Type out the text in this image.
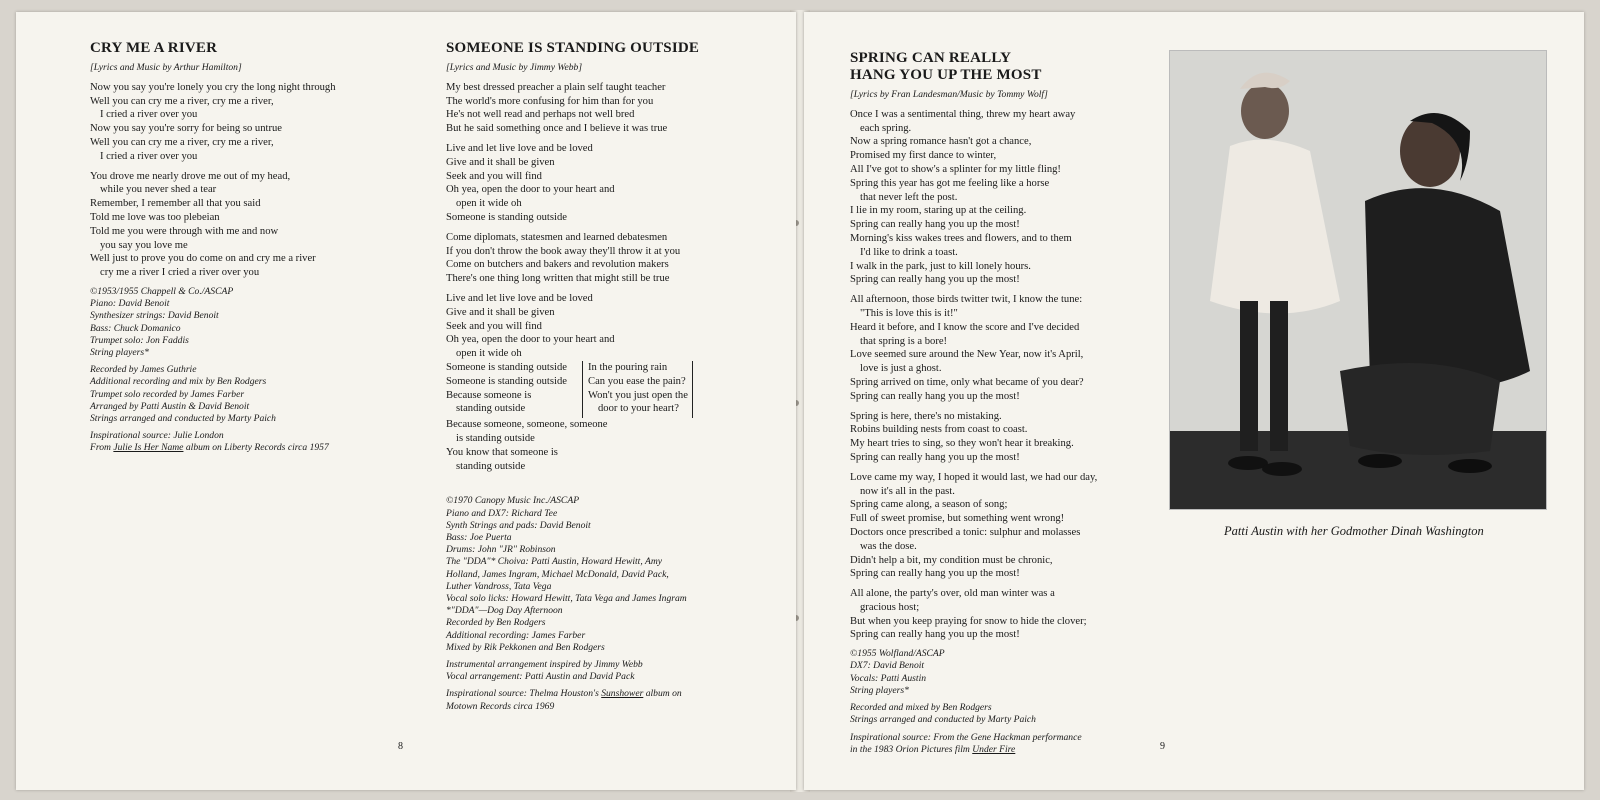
CRY ME A RIVER
[Lyrics and Music by Arthur Hamilton]
Now you say you're lonely you cry the long night through
Well you can cry me a river, cry me a river,
I cried a river over you
Now you say you're sorry for being so untrue
Well you can cry me a river, cry me a river,
I cried a river over you
You drove me nearly drove me out of my head,
while you never shed a tear
Remember, I remember all that you said
Told me love was too plebeian
Told me you were through with me and now
you say you love me
Well just to prove you do come on and cry me a river
cry me a river I cried a river over you
©1953/1955 Chappell & Co./ASCAP
Piano: David Benoit
Synthesizer strings: David Benoit
Bass: Chuck Domanico
Trumpet solo: Jon Faddis
String players*
Recorded by James Guthrie
Additional recording and mix by Ben Rodgers
Trumpet solo recorded by James Farber
Arranged by Patti Austin & David Benoit
Strings arranged and conducted by Marty Paich
Inspirational source: Julie London
From Julie Is Her Name album on Liberty Records circa 1957
SOMEONE IS STANDING OUTSIDE
[Lyrics and Music by Jimmy Webb]
My best dressed preacher a plain self taught teacher
The world's more confusing for him than for you
He's not well read and perhaps not well bred
But he said something once and I believe it was true
Live and let live love and be loved
Give and it shall be given
Seek and you will find
Oh yea, open the door to your heart and
open it wide oh
Someone is standing outside
Come diplomats, statesmen and learned debatesmen
If you don't throw the book away they'll throw it at you
Come on butchers and bakers and revolution makers
There's one thing long written that might still be true
Live and let live love and be loved
Give and it shall be given
Seek and you will find
Oh yea, open the door to your heart and
open it wide oh
Someone is standing outside
Someone is standing outside
Because someone is
standing outside
In the pouring rain
Can you ease the pain?
Won't you just open the
door to your heart?
Because someone, someone, someone
is standing outside
You know that someone is
standing outside
©1970 Canopy Music Inc./ASCAP
Piano and DX7: Richard Tee
Synth Strings and pads: David Benoit
Bass: Joe Puerta
Drums: John "JR" Robinson
The "DDA"* Choiva: Patti Austin, Howard Hewitt, Amy
Holland, James Ingram, Michael McDonald, David Pack,
Luther Vandross, Tata Vega
Vocal solo licks: Howard Hewitt, Tata Vega and James Ingram
*"DDA"—Dog Day Afternoon
Recorded by Ben Rodgers
Additional recording: James Farber
Mixed by Rik Pekkonen and Ben Rodgers
Instrumental arrangement inspired by Jimmy Webb
Vocal arrangement: Patti Austin and David Pack
Inspirational source: Thelma Houston's Sunshower album on
Motown Records circa 1969
8
SPRING CAN REALLY
HANG YOU UP THE MOST
[Lyrics by Fran Landesman/Music by Tommy Wolf]
Once I was a sentimental thing, threw my heart away
each spring.
Now a spring romance hasn't got a chance,
Promised my first dance to winter,
All I've got to show's a splinter for my little fling!
Spring this year has got me feeling like a horse
that never left the post.
I lie in my room, staring up at the ceiling.
Spring can really hang you up the most!
Morning's kiss wakes trees and flowers, and to them
I'd like to drink a toast.
I walk in the park, just to kill lonely hours.
Spring can really hang you up the most!
All afternoon, those birds twitter twit, I know the tune:
"This is love this is it!"
Heard it before, and I know the score and I've decided
that spring is a bore!
Love seemed sure around the New Year, now it's April,
love is just a ghost.
Spring arrived on time, only what became of you dear?
Spring can really hang you up the most!
Spring is here, there's no mistaking.
Robins building nests from coast to coast.
My heart tries to sing, so they won't hear it breaking.
Spring can really hang you up the most!
Love came my way, I hoped it would last, we had our day,
now it's all in the past.
Spring came along, a season of song;
Full of sweet promise, but something went wrong!
Doctors once prescribed a tonic: sulphur and molasses
was the dose.
Didn't help a bit, my condition must be chronic,
Spring can really hang you up the most!
All alone, the party's over, old man winter was a
gracious host;
But when you keep praying for snow to hide the clover;
Spring can really hang you up the most!
©1955 Wolfland/ASCAP
DX7: David Benoit
Vocals: Patti Austin
String players*
Recorded and mixed by Ben Rodgers
Strings arranged and conducted by Marty Paich
Inspirational source: From the Gene Hackman performance
in the 1983 Orion Pictures film Under Fire
Patti Austin with her Godmother Dinah Washington
9
